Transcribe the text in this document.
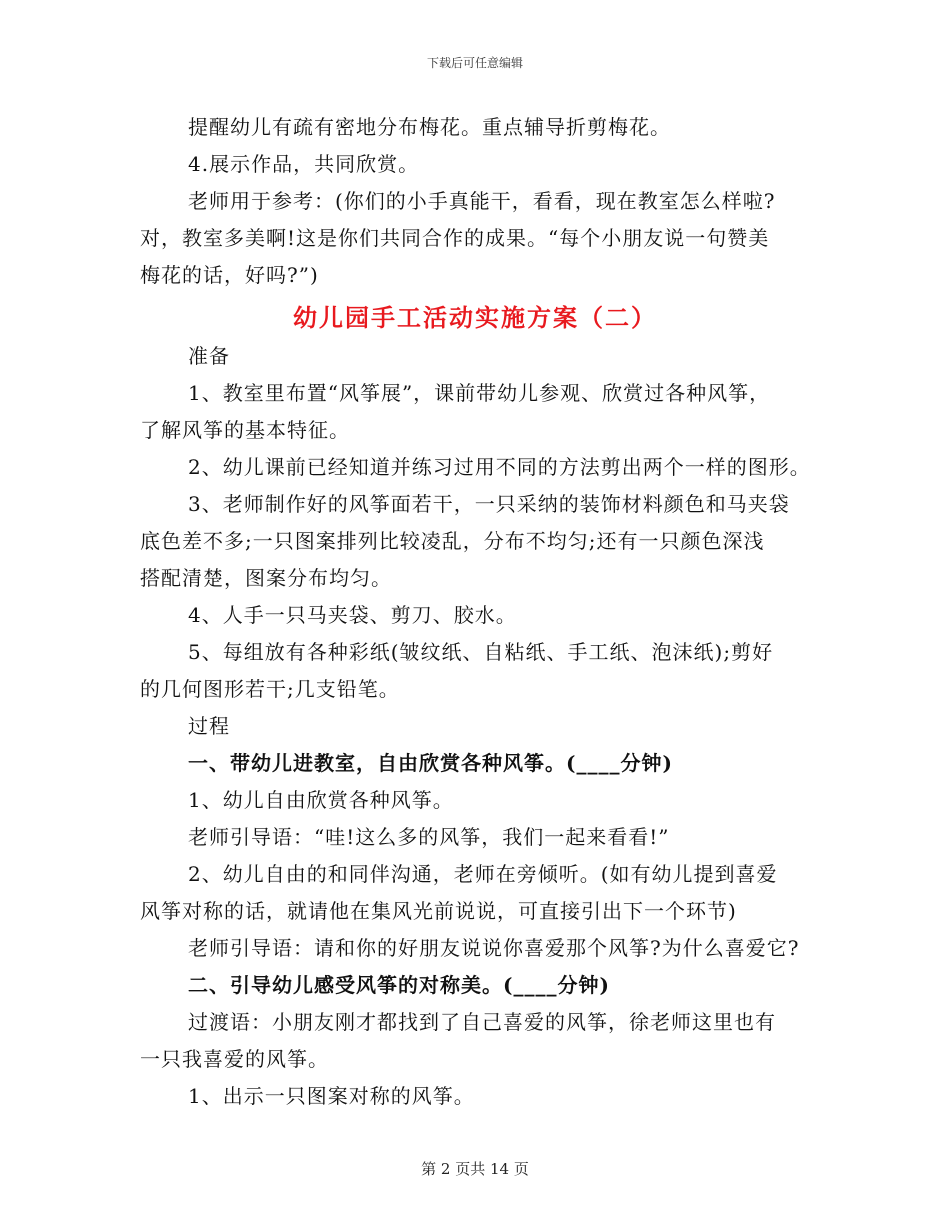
下载后可任意编辑
提醒幼儿有疏有密地分布梅花。重点辅导折剪梅花。
4.展示作品，共同欣赏。
老师用于参考：(你们的小手真能干，看看，现在教室怎么样啦?
对，教室多美啊!这是你们共同合作的成果。“每个小朋友说一句赞美
梅花的话，好吗?”)
幼儿园手工活动实施方案（二）
准备
1、教室里布置“风筝展”，课前带幼儿参观、欣赏过各种风筝，
了解风筝的基本特征。
2、幼儿课前已经知道并练习过用不同的方法剪出两个一样的图形。
3、老师制作好的风筝面若干，一只采纳的装饰材料颜色和马夹袋
底色差不多;一只图案排列比较凌乱，分布不均匀;还有一只颜色深浅
搭配清楚，图案分布均匀。
4、人手一只马夹袋、剪刀、胶水。
5、每组放有各种彩纸(皱纹纸、自粘纸、手工纸、泡沫纸);剪好
的几何图形若干;几支铅笔。
过程
一、带幼儿进教室，自由欣赏各种风筝。(____分钟)
1、幼儿自由欣赏各种风筝。
老师引导语：“哇!这么多的风筝，我们一起来看看!”
2、幼儿自由的和同伴沟通，老师在旁倾听。(如有幼儿提到喜爱
风筝对称的话，就请他在集风光前说说，可直接引出下一个环节)
老师引导语：请和你的好朋友说说你喜爱那个风筝?为什么喜爱它?
二、引导幼儿感受风筝的对称美。(____分钟)
过渡语：小朋友刚才都找到了自己喜爱的风筝，徐老师这里也有
一只我喜爱的风筝。
1、出示一只图案对称的风筝。
第 2 页共 14 页
